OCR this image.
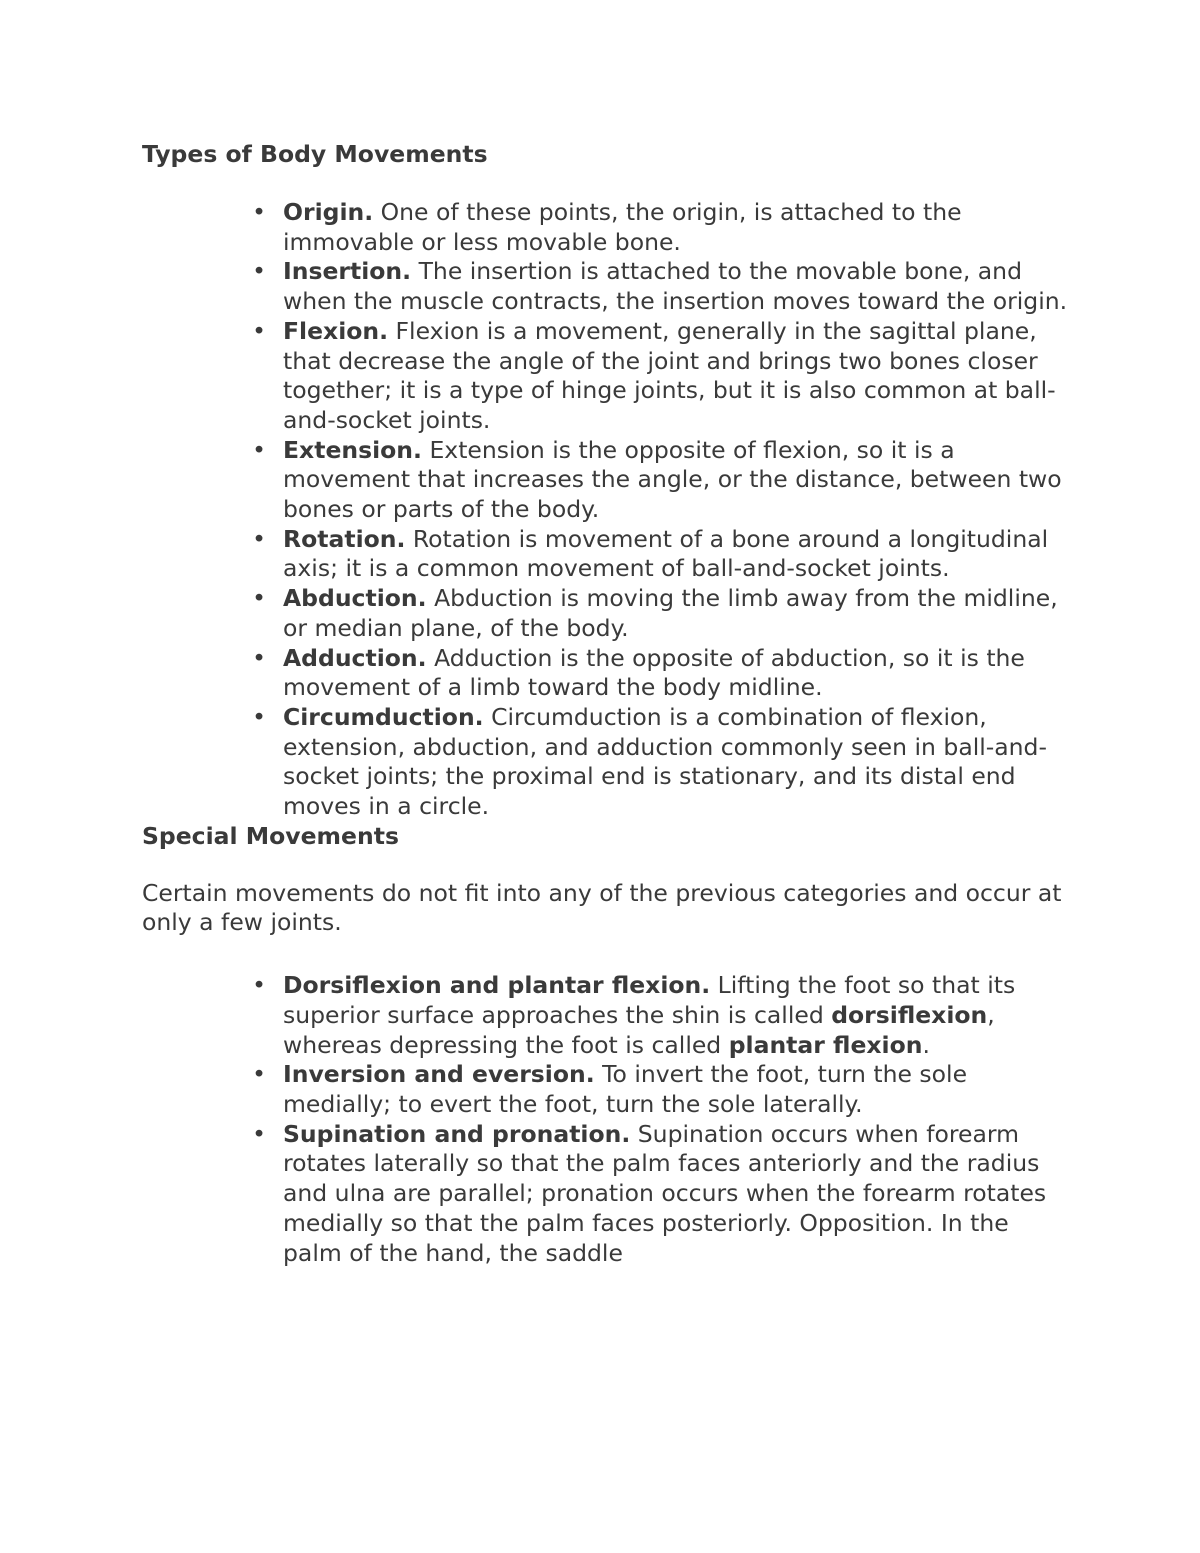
Types of Body Movements

• Origin. One of these points, the origin, is attached to the immovable or less movable bone.
• Insertion. The insertion is attached to the movable bone, and when the muscle contracts, the insertion moves toward the origin.
• Flexion. Flexion is a movement, generally in the sagittal plane, that decrease the angle of the joint and brings two bones closer together; it is a type of hinge joints, but it is also common at ball-and-socket joints.
• Extension. Extension is the opposite of flexion, so it is a movement that increases the angle, or the distance, between two bones or parts of the body.
• Rotation. Rotation is movement of a bone around a longitudinal axis; it is a common movement of ball-and-socket joints.
• Abduction. Abduction is moving the limb away from the midline, or median plane, of the body.
• Adduction. Adduction is the opposite of abduction, so it is the movement of a limb toward the body midline.
• Circumduction. Circumduction is a combination of flexion, extension, abduction, and adduction commonly seen in ball-and-socket joints; the proximal end is stationary, and its distal end moves in a circle.

Special Movements

Certain movements do not fit into any of the previous categories and occur at only a few joints.

• Dorsiflexion and plantar flexion. Lifting the foot so that its superior surface approaches the shin is called dorsiflexion, whereas depressing the foot is called plantar flexion.
• Inversion and eversion. To invert the foot, turn the sole medially; to evert the foot, turn the sole laterally.
• Supination and pronation. Supination occurs when forearm rotates laterally so that the palm faces anteriorly and the radius and ulna are parallel; pronation occurs when the forearm rotates medially so that the palm faces posteriorly. Opposition. In the palm of the hand, the saddle
